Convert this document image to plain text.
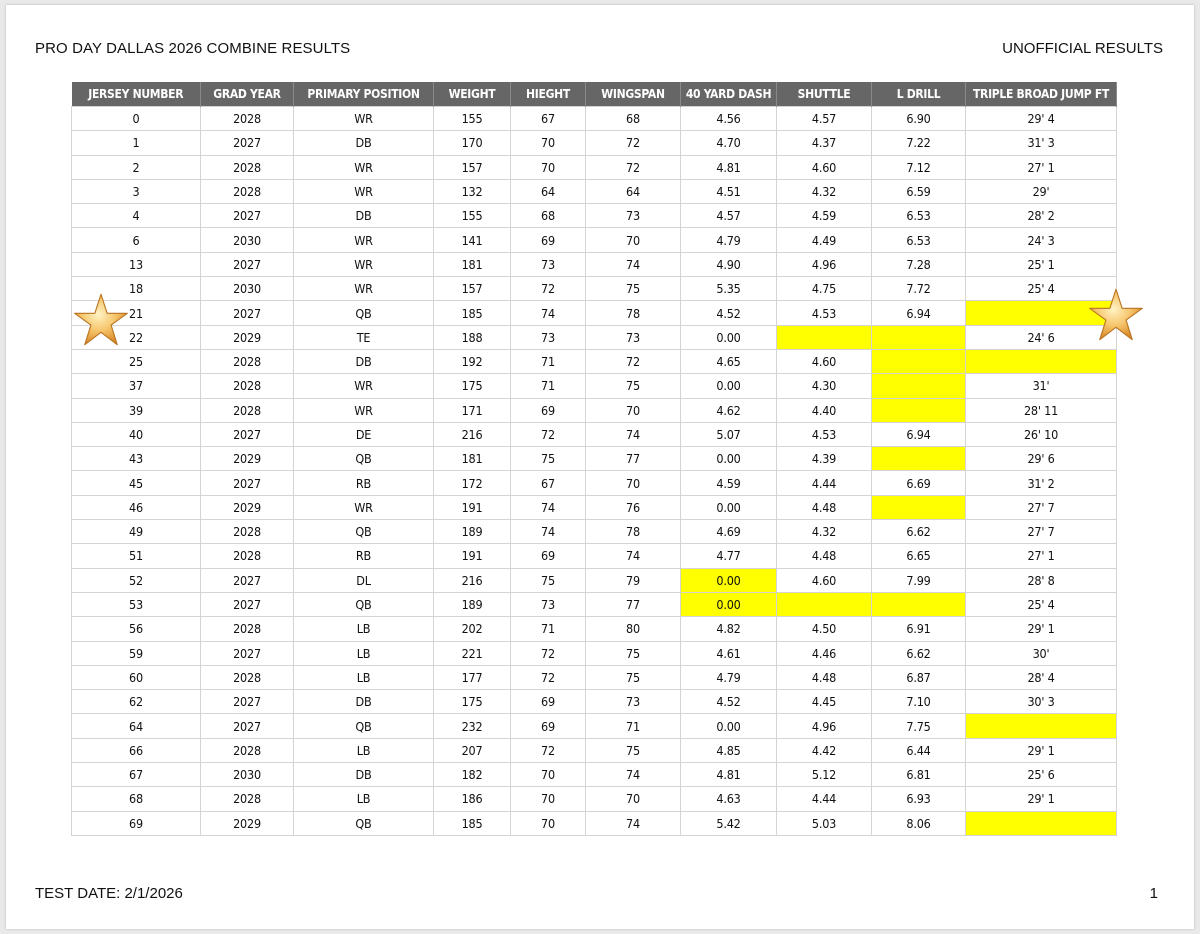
PRO DAY DALLAS 2026 COMBINE RESULTS	UNOFFICIAL RESULTS
TEST DATE: 2/1/2026	1
JERSEY NUMBER	GRAD YEAR	PRIMARY POSITION	WEIGHT	HIEGHT	WINGSPAN	40 YARD DASH	SHUTTLE	L DRILL	TRIPLE BROAD JUMP FT
0	2028	WR	155	67	68	4.56	4.57	6.90	29' 4
1	2027	DB	170	70	72	4.70	4.37	7.22	31' 3
2	2028	WR	157	70	72	4.81	4.60	7.12	27' 1
3	2028	WR	132	64	64	4.51	4.32	6.59	29'
4	2027	DB	155	68	73	4.57	4.59	6.53	28' 2
6	2030	WR	141	69	70	4.79	4.49	6.53	24' 3
13	2027	WR	181	73	74	4.90	4.96	7.28	25' 1
18	2030	WR	157	72	75	5.35	4.75	7.72	25' 4
21	2027	QB	185	74	78	4.52	4.53	6.94	
22	2029	TE	188	73	73	0.00			24' 6
25	2028	DB	192	71	72	4.65	4.60		
37	2028	WR	175	71	75	0.00	4.30		31'
39	2028	WR	171	69	70	4.62	4.40		28' 11
40	2027	DE	216	72	74	5.07	4.53	6.94	26' 10
43	2029	QB	181	75	77	0.00	4.39		29' 6
45	2027	RB	172	67	70	4.59	4.44	6.69	31' 2
46	2029	WR	191	74	76	0.00	4.48		27' 7
49	2028	QB	189	74	78	4.69	4.32	6.62	27' 7
51	2028	RB	191	69	74	4.77	4.48	6.65	27' 1
52	2027	DL	216	75	79	0.00	4.60	7.99	28' 8
53	2027	QB	189	73	77	0.00			25' 4
56	2028	LB	202	71	80	4.82	4.50	6.91	29' 1
59	2027	LB	221	72	75	4.61	4.46	6.62	30'
60	2028	LB	177	72	75	4.79	4.48	6.87	28' 4
62	2027	DB	175	69	73	4.52	4.45	7.10	30' 3
64	2027	QB	232	69	71	0.00	4.96	7.75	
66	2028	LB	207	72	75	4.85	4.42	6.44	29' 1
67	2030	DB	182	70	74	4.81	5.12	6.81	25' 6
68	2028	LB	186	70	70	4.63	4.44	6.93	29' 1
69	2029	QB	185	70	74	5.42	5.03	8.06	
